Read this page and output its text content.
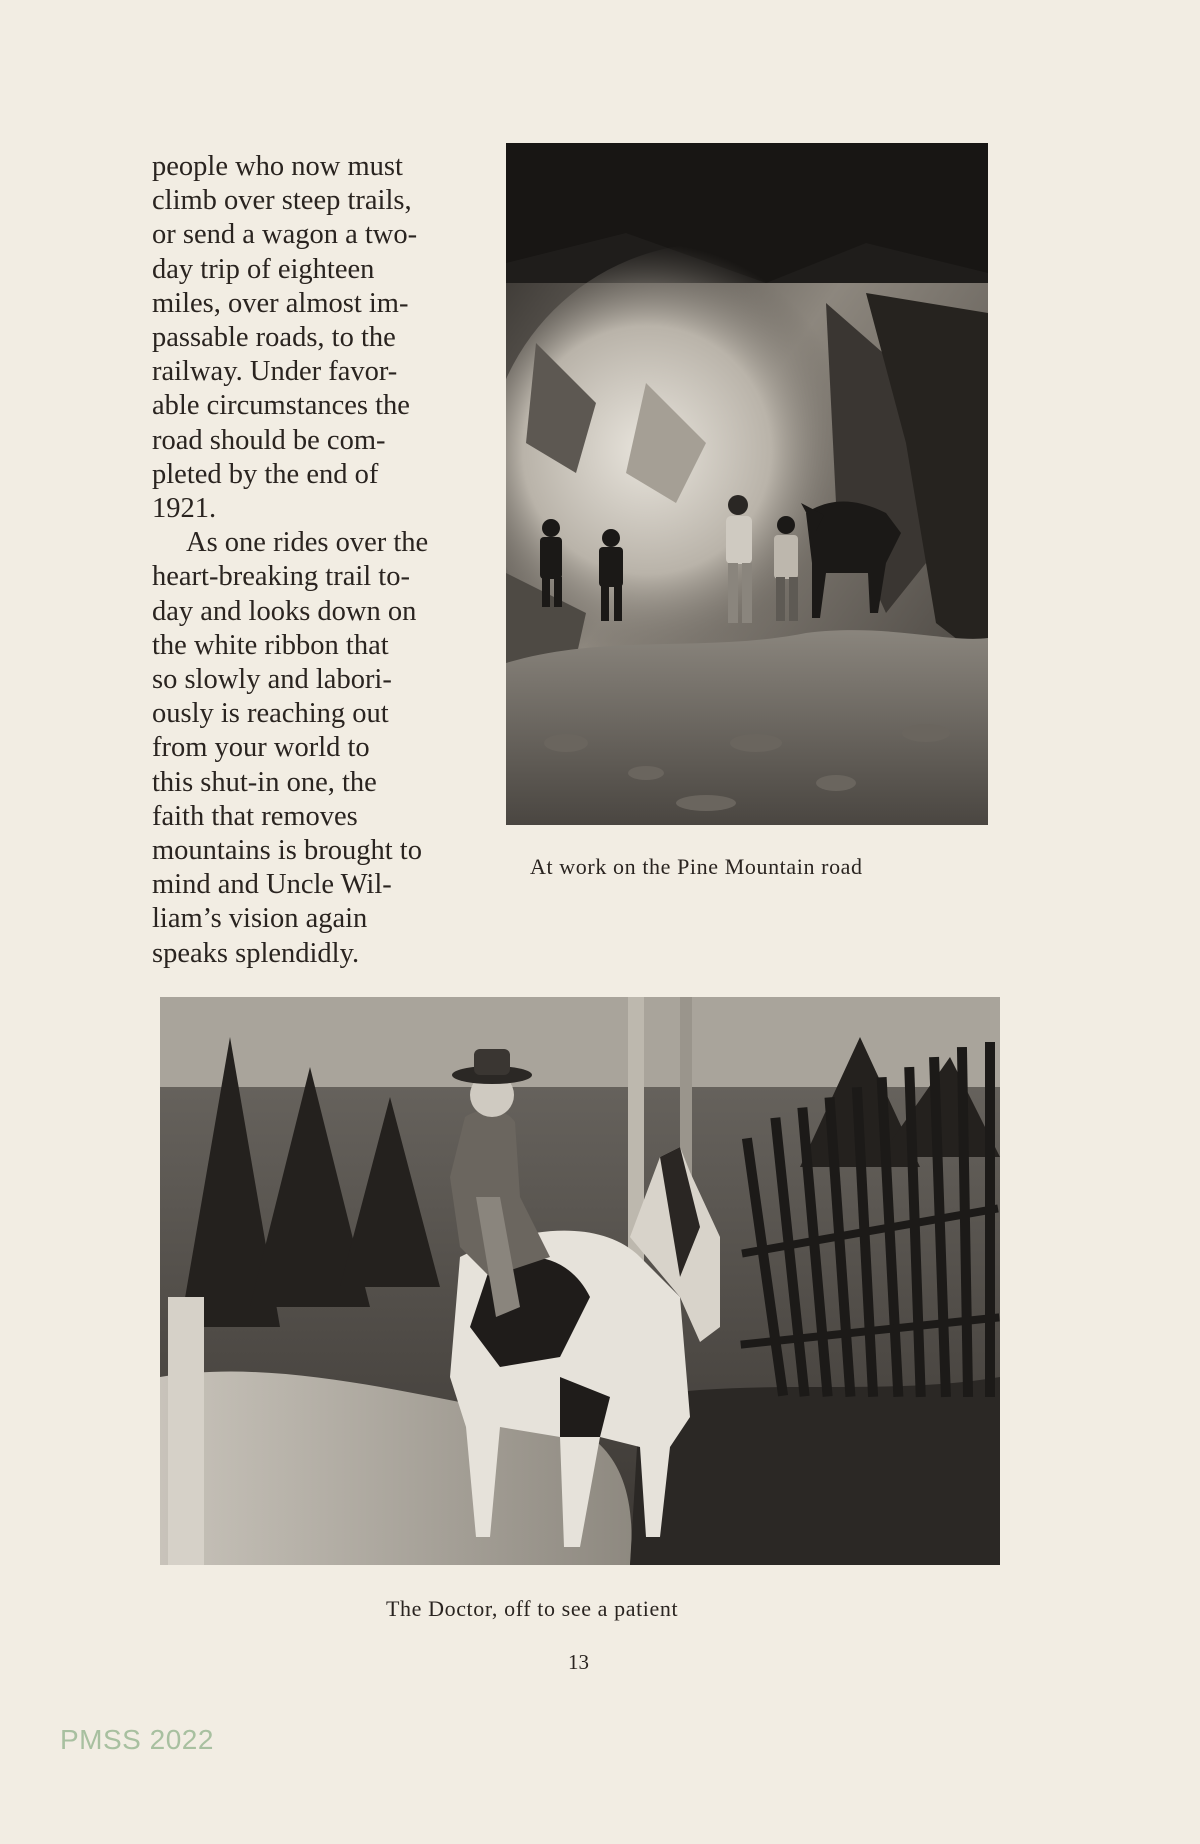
people who now must
climb over steep trails,
or send a wagon a two-
day trip of eighteen
miles, over almost im-
passable roads, to the
railway. Under favor-
able circumstances the
road should be com-
pleted by the end of
1921.

As one rides over the
heart-breaking trail to-
day and looks down on
the white ribbon that
so slowly and labori-
ously is reaching out
from your world to
this shut-in one, the
faith that removes
mountains is brought to
mind and Uncle Wil-
liam’s vision again
speaks splendidly.

At work on the Pine Mountain road
The Doctor, off to see a patient
13
PMSS 2022
